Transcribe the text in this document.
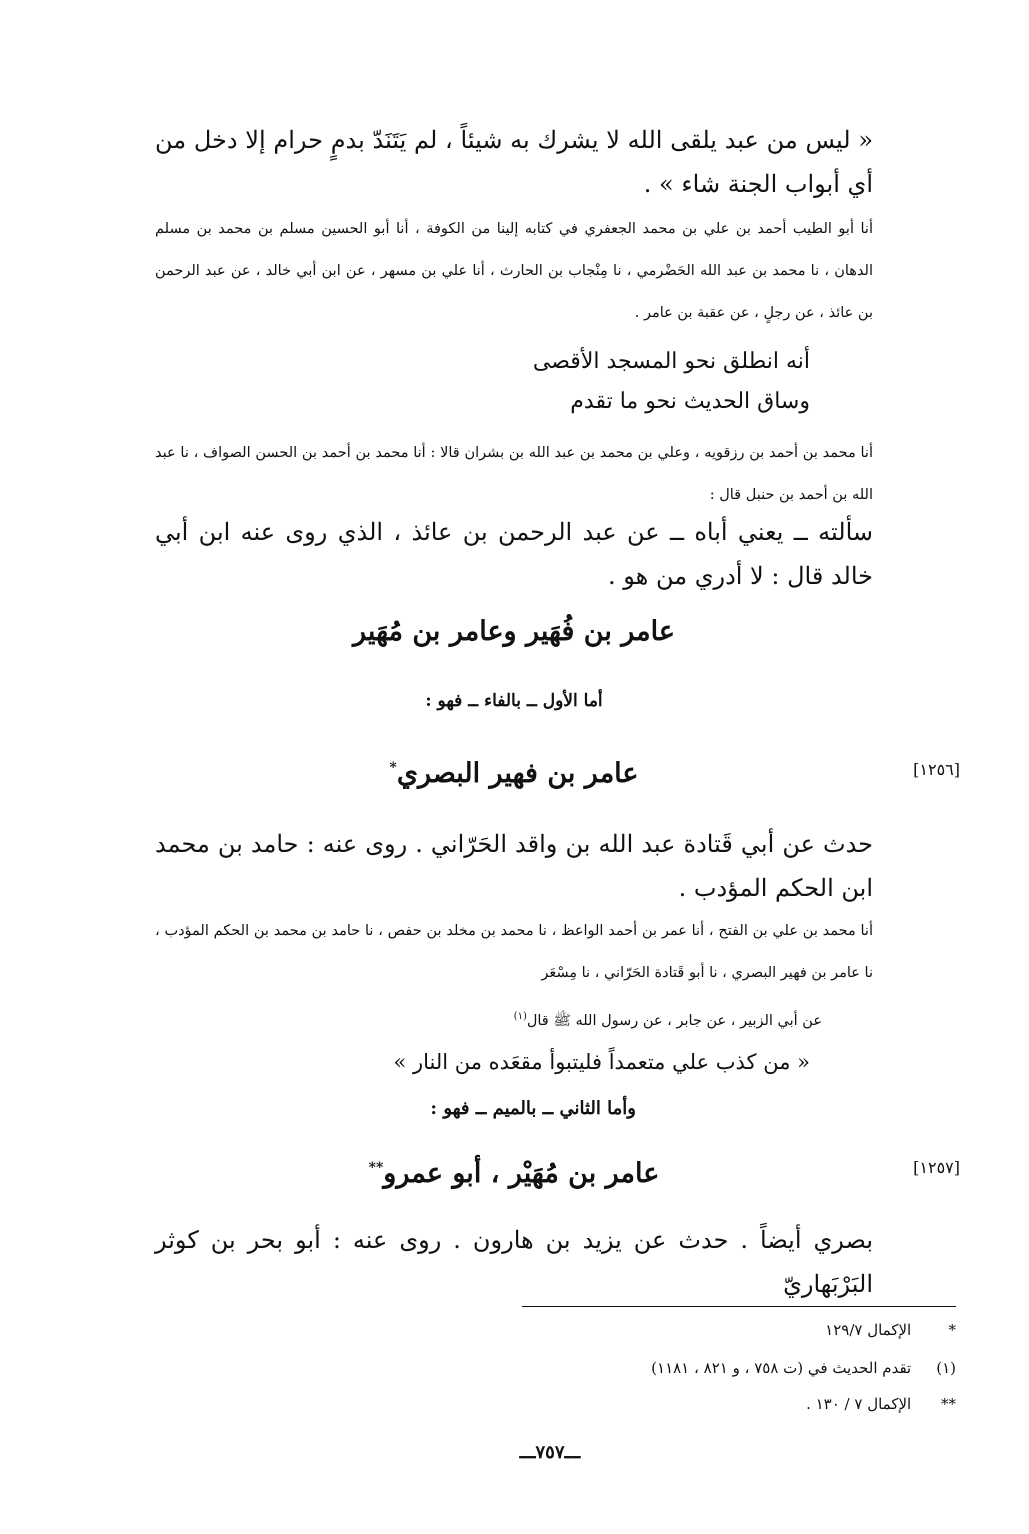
« ليس من عبد يلقى الله لا يشرك به شيئاً ، لم يَتَنَدّ بدمٍ حرام إلا دخل من أي أبواب الجنة شاء » .
أنا أبو الطيب أحمد بن علي بن محمد الجعفري في كتابه إلينا من الكوفة ، أنا أبو الحسين مسلم بن محمد بن مسلم الدهان ، نا محمد بن عبد الله الحَضْرمي ، نا مِنْجاب بن الحارث ، أنا علي بن مسهر ، عن ابن أبي خالد ، عن عبد الرحمن بن عائذ ، عن رجلٍ ، عن عقبة بن عامر .
أنه انطلق نحو المسجد الأقصى
وساق الحديث نحو ما تقدم
أنا محمد بن أحمد بن رزقويه ، وعلي بن محمد بن عبد الله بن بشران قالا : أنا محمد بن أحمد بن الحسن الصواف ، نا عبد الله بن أحمد بن حنبل قال :
سألته ــ يعني أباه ــ عن عبد الرحمن بن عائذ ، الذي روى عنه ابن أبي خالد قال : لا أدري من هو .
عامر بن فُهَير وعامر بن مُهَير
أما الأول ــ بالفاء ــ فهو :
[١٢٥٦]
عامر بن فهير البصري*
حدث عن أبي قَتادة عبد الله بن واقد الحَرّاني . روى عنه : حامد بن محمد ابن الحكم المؤدب .
أنا محمد بن علي بن الفتح ، أنا عمر بن أحمد الواعظ ، نا محمد بن مخلد بن حفص ، نا حامد بن محمد بن الحكم المؤدب ، نا عامر بن فهير البصري ، نا أبو قَتادة الحَرّاني ، نا مِسْعَر
عن أبي الزبير ، عن جابر ، عن رسول الله ﷺ قال$^{(١)}$
« من كذب علي متعمداً فليتبوأ مقعَده من النار »
وأما الثاني ــ بالميم ــ فهو :
[١٢٥٧]
عامر بن مُهَيْر ، أبو عمرو**
بصري أيضاً . حدث عن يزيد بن هارون . روى عنه : أبو بحر بن كوثر البَرْبَهاريّ
* الإكمال ١٢٩/٧
(١) تقدم الحديث في (ت ٧٥٨ ، و ٨٢١ ، ١١٨١)
** الإكمال ٧ / ١٣٠ .
ـــ٧٥٧ـــ
